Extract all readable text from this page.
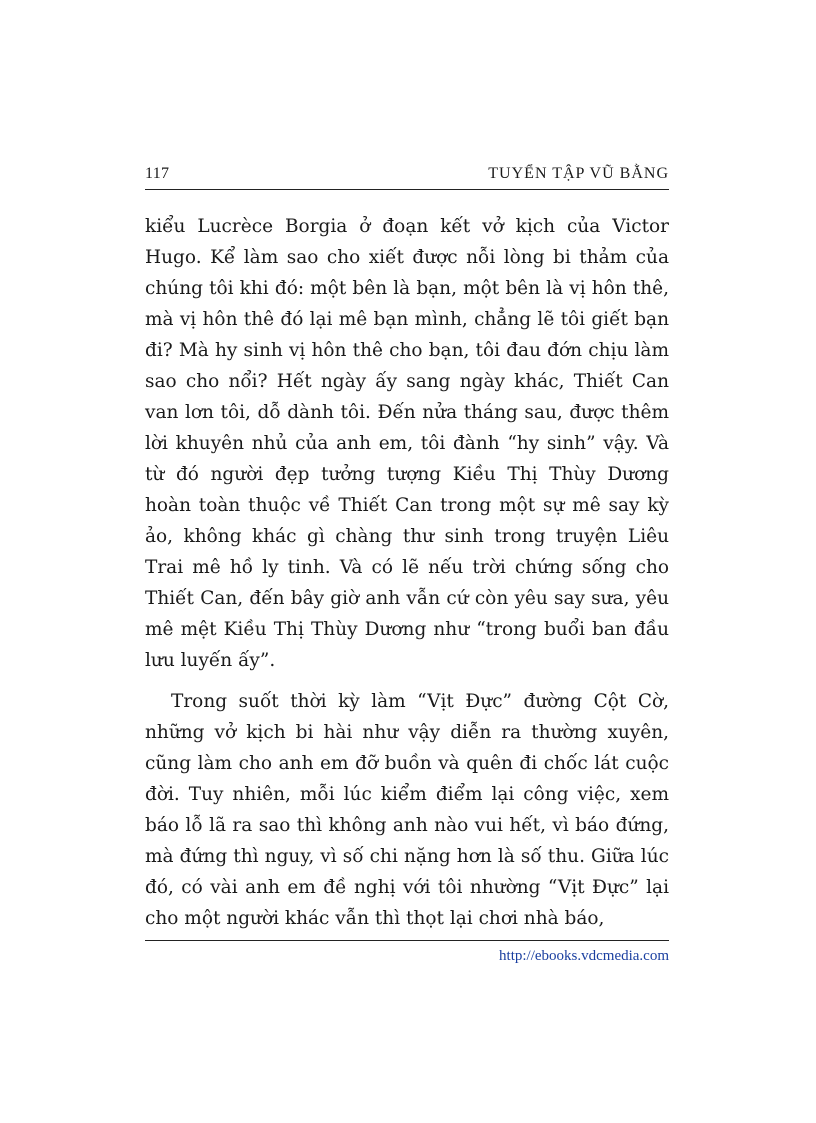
117	TUYỂN TẬP VŨ BẰNG

kiểu Lucrèce Borgia ở đoạn kết vở kịch của Victor Hugo. Kể làm sao cho xiết được nỗi lòng bi thảm của chúng tôi khi đó: một bên là bạn, một bên là vị hôn thê, mà vị hôn thê đó lại mê bạn mình, chẳng lẽ tôi giết bạn đi? Mà hy sinh vị hôn thê cho bạn, tôi đau đớn chịu làm sao cho nổi? Hết ngày ấy sang ngày khác, Thiết Can van lơn tôi, dỗ dành tôi. Đến nửa tháng sau, được thêm lời khuyên nhủ của anh em, tôi đành “hy sinh” vậy. Và từ đó người đẹp tưởng tượng Kiều Thị Thùy Dương hoàn toàn thuộc về Thiết Can trong một sự mê say kỳ ảo, không khác gì chàng thư sinh trong truyện Liêu Trai mê hồ ly tinh. Và có lẽ nếu trời chứng sống cho Thiết Can, đến bây giờ anh vẫn cứ còn yêu say sưa, yêu mê mệt Kiều Thị Thùy Dương như “trong buổi ban đầu lưu luyến ấy”.

Trong suốt thời kỳ làm “Vịt Đực” đường Cột Cờ, những vở kịch bi hài như vậy diễn ra thường xuyên, cũng làm cho anh em đỡ buồn và quên đi chốc lát cuộc đời. Tuy nhiên, mỗi lúc kiểm điểm lại công việc, xem báo lỗ lã ra sao thì không anh nào vui hết, vì báo đứng, mà đứng thì nguy, vì số chi nặng hơn là số thu. Giữa lúc đó, có vài anh em đề nghị với tôi nhường “Vịt Đực” lại cho một người khác vẫn thì thọt lại chơi nhà báo,

http://ebooks.vdcmedia.com
